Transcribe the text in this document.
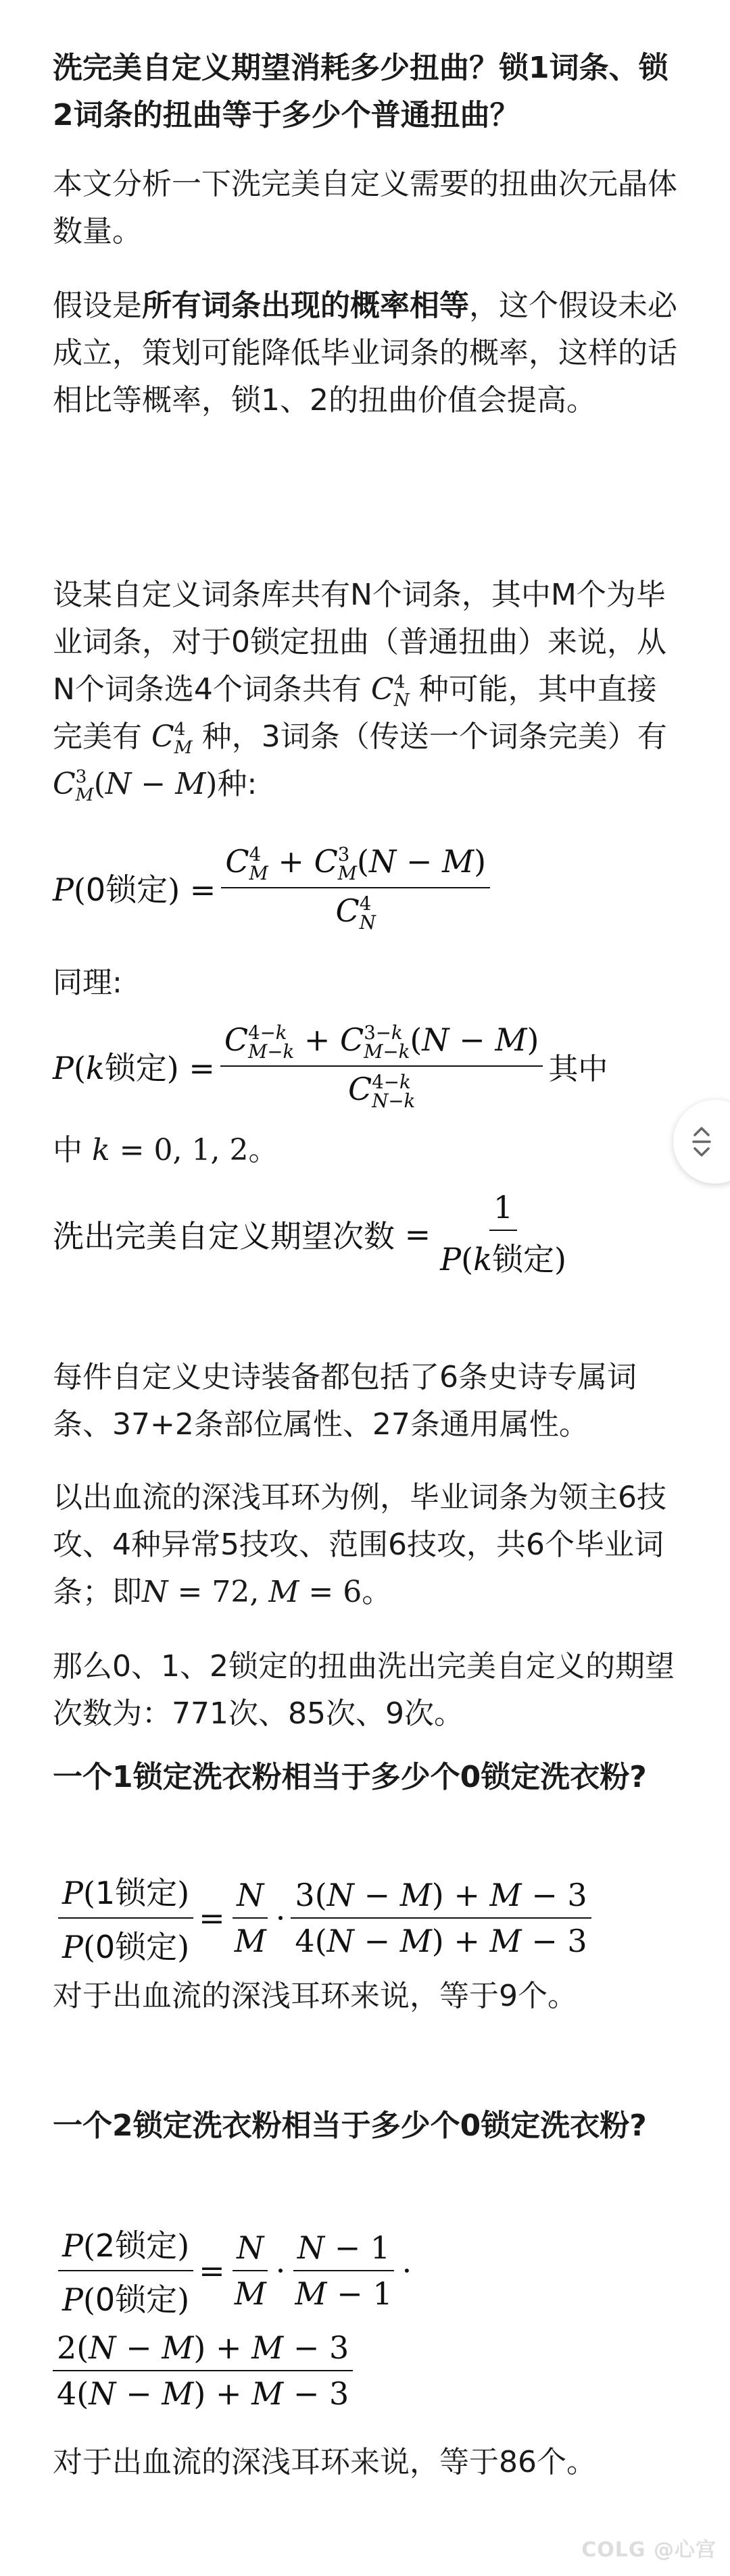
洗完美自定义期望消耗多少扭曲？锁1词条、锁2词条的扭曲等于多少个普通扭曲？

本文分析一下洗完美自定义需要的扭曲次元晶体数量。

假设是所有词条出现的概率相等，这个假设未必成立，策划可能降低毕业词条的概率，这样的话相比等概率，锁1、2的扭曲价值会提高。

设某自定义词条库共有N个词条，其中M个为毕业词条，对于0锁定扭曲（普通扭曲）来说，从N个词条选4个词条共有 C 4
N 种可能，其中直接完美有 C 4
M 种，3词条（传送一个词条完美）有 C 3
M (N − M)种:

P(0锁定) = C 4
M + C 3
M (N − M)
C 4
N

同理:

P(k锁定) = C 4−k
M−k + C 3−k
M−k (N − M)
C 4−k
N−k 其中

中 k = 0, 1, 2。

洗出完美自定义期望次数 = $\frac{1}{\text{P(k锁定)}}$

每件自定义史诗装备都包括了6条史诗专属词条、37+2条部位属性、27条通用属性。

以出血流的深浅耳环为例，毕业词条为领主6技攻、4种异常5技攻、范围6技攻，共6个毕业词条；即N = 72, M = 6。

那么0、1、2锁定的扭曲洗出完美自定义的期望次数为：771次、85次、9次。

一个1锁定洗衣粉相当于多少个0锁定洗衣粉?
$\frac{\text{P(1锁定)}}{\text{P(0锁定)}} = \frac{N}{M} \cdot \frac{3(N - M) + M - 3}{4(N - M) + M - 3}$

对于出血流的深浅耳环来说，等于9个。

一个2锁定洗衣粉相当于多少个0锁定洗衣粉?
$\frac{\text{P(2锁定)}}{\text{P(0锁定)}} = \frac{N}{M} \cdot \frac{N - 1}{M - 1}$ ·
$\frac{2(N - M) + M - 3}{4(N - M) + M - 3}$

对于出血流的深浅耳环来说，等于86个。

COLG @心宫
